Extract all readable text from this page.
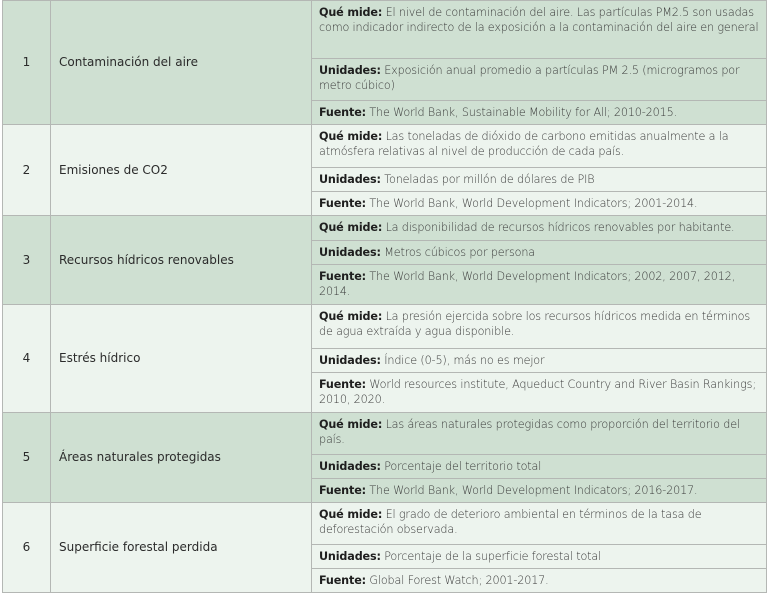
1	Contaminación del aire	Qué mide: El nivel de contaminación del aire. Las partículas PM2.5 son usadas como indicador indirecto de la exposición a la contaminación del aire en general
Unidades: Exposición anual promedio a partículas PM 2.5 (microgramos por metro cúbico)
Fuente: The World Bank, Sustainable Mobility for All; 2010-2015.

2	Emisiones de CO2	Qué mide: Las toneladas de dióxido de carbono emitidas anualmente a la atmósfera relativas al nivel de producción de cada país.
Unidades: Toneladas por millón de dólares de PIB
Fuente: The World Bank, World Development Indicators; 2001-2014.

3	Recursos hídricos renovables	Qué mide: La disponibilidad de recursos hídricos renovables por habitante.
Unidades: Metros cúbicos por persona
Fuente: The World Bank, World Development Indicators; 2002, 2007, 2012, 2014.

4	Estrés hídrico	Qué mide: La presión ejercida sobre los recursos hídricos medida en términos de agua extraída y agua disponible.
Unidades: Índice (0-5), más no es mejor
Fuente: World resources institute, Aqueduct Country and River Basin Rankings; 2010, 2020.

5	Áreas naturales protegidas	Qué mide: Las áreas naturales protegidas como proporción del territorio del país.
Unidades: Porcentaje del territorio total
Fuente: The World Bank, World Development Indicators; 2016-2017.

6	Superficie forestal perdida	Qué mide: El grado de deterioro ambiental en términos de la tasa de deforestación observada.
Unidades: Porcentaje de la superficie forestal total
Fuente: Global Forest Watch; 2001-2017.
